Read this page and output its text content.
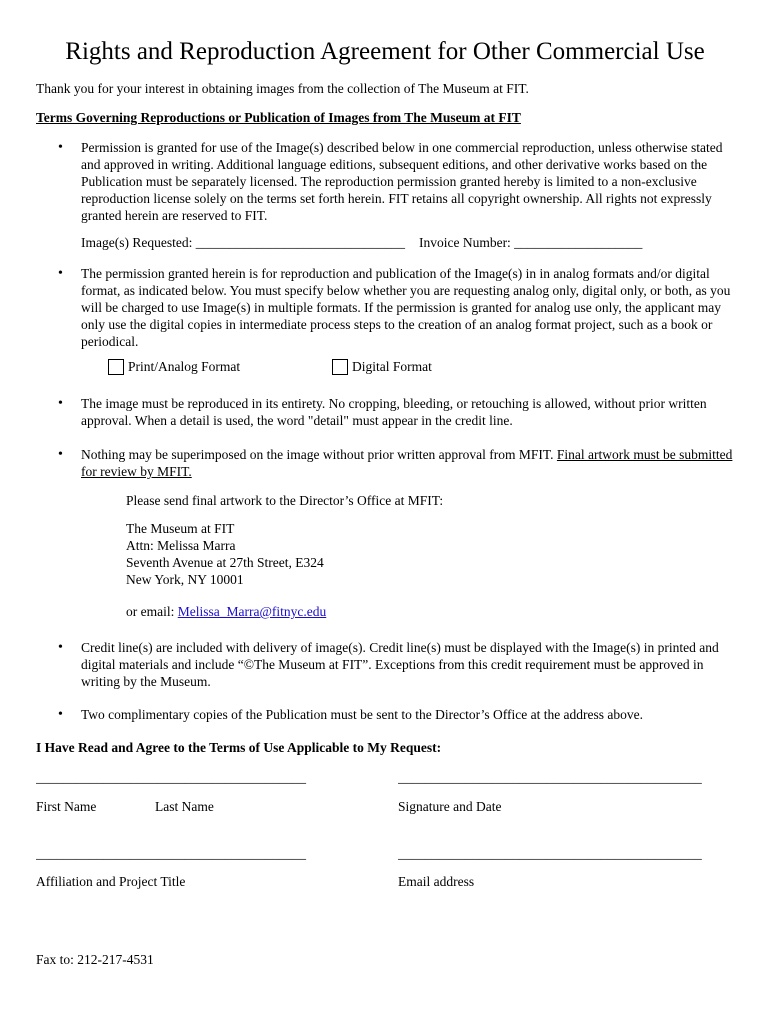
Rights and Reproduction Agreement for Other Commercial Use
Thank you for your interest in obtaining images from the collection of The Museum at FIT.
Terms Governing Reproductions or Publication of Images from The Museum at FIT
• Permission is granted for use of the Image(s) described below in one commercial reproduction, unless otherwise stated and approved in writing. Additional language editions, subsequent editions, and other derivative works based on the Publication must be separately licensed. The reproduction permission granted hereby is limited to a non-exclusive reproduction license solely on the terms set forth herein. FIT retains all copyright ownership. All rights not expressly granted herein are reserved to FIT.
Image(s) Requested: _______________________________ Invoice Number: ___________________
• The permission granted herein is for reproduction and publication of the Image(s) in in analog formats and/or digital format, as indicated below. You must specify below whether you are requesting analog only, digital only, or both, as you will be charged to use Image(s) in multiple formats. If the permission is granted for analog use only, the applicant may only use the digital copies in intermediate process steps to the creation of an analog format project, such as a book or periodical.
Print/Analog Format	Digital Format
• The image must be reproduced in its entirety. No cropping, bleeding, or retouching is allowed, without prior written approval. When a detail is used, the word "detail" must appear in the credit line.
• Nothing may be superimposed on the image without prior written approval from MFIT. Final artwork must be submitted for review by MFIT.
Please send final artwork to the Director’s Office at MFIT:
The Museum at FIT
Attn: Melissa Marra
Seventh Avenue at 27th Street, E324
New York, NY 10001
or email: Melissa_Marra@fitnyc.edu
• Credit line(s) are included with delivery of image(s). Credit line(s) must be displayed with the Image(s) in printed and digital materials and include “©The Museum at FIT”. Exceptions from this credit requirement must be approved in writing by the Museum.
• Two complimentary copies of the Publication must be sent to the Director’s Office at the address above.
I Have Read and Agree to the Terms of Use Applicable to My Request:
________________________________________	_____________________________________________
First Name	Last Name	Signature and Date
________________________________________	_____________________________________________
Affiliation and Project Title	Email address
Fax to: 212-217-4531
